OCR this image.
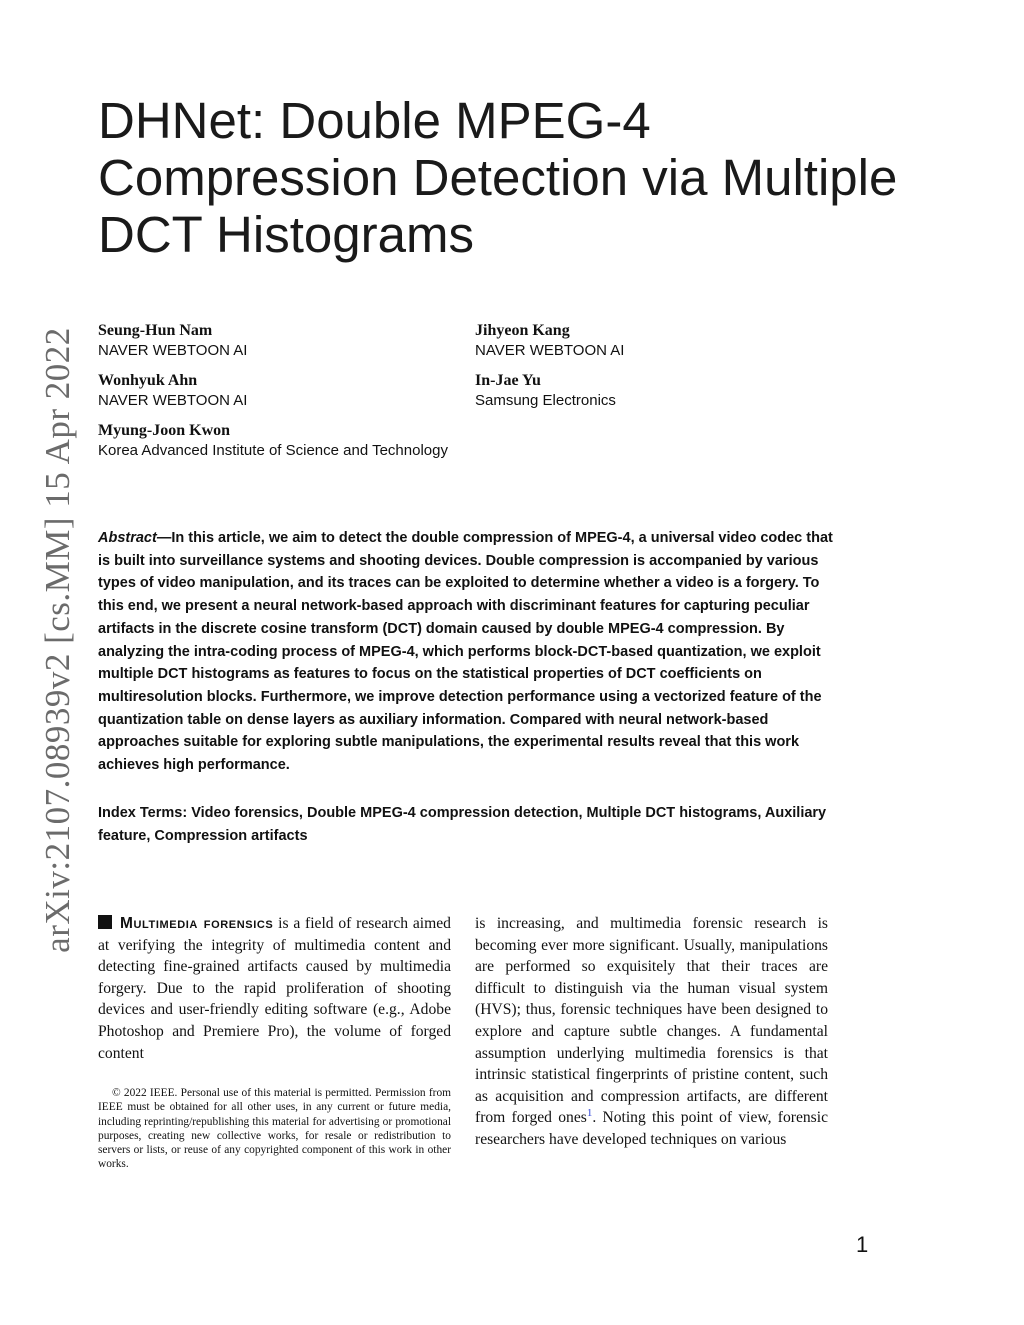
arXiv:2107.08939v2 [cs.MM] 15 Apr 2022
DHNet: Double MPEG-4 Compression Detection via Multiple DCT Histograms
Seung-Hun Nam
NAVER WEBTOON AI
Jihyeon Kang
NAVER WEBTOON AI
Wonhyuk Ahn
NAVER WEBTOON AI
In-Jae Yu
Samsung Electronics
Myung-Joon Kwon
Korea Advanced Institute of Science and Technology

Abstract—In this article, we aim to detect the double compression of MPEG-4, a universal video codec that is built into surveillance systems and shooting devices. Double compression is accompanied by various types of video manipulation, and its traces can be exploited to determine whether a video is a forgery. To this end, we present a neural network-based approach with discriminant features for capturing peculiar artifacts in the discrete cosine transform (DCT) domain caused by double MPEG-4 compression. By analyzing the intra-coding process of MPEG-4, which performs block-DCT-based quantization, we exploit multiple DCT histograms as features to focus on the statistical properties of DCT coefficients on multiresolution blocks. Furthermore, we improve detection performance using a vectorized feature of the quantization table on dense layers as auxiliary information. Compared with neural network-based approaches suitable for exploring subtle manipulations, the experimental results reveal that this work achieves high performance.

Index Terms: Video forensics, Double MPEG-4 compression detection, Multiple DCT histograms, Auxiliary feature, Compression artifacts

Multimedia forensics is a field of research aimed at verifying the integrity of multimedia content and detecting fine-grained artifacts caused by multimedia forgery. Due to the rapid proliferation of shooting devices and user-friendly editing software (e.g., Adobe Photoshop and Premiere Pro), the volume of forged content

is increasing, and multimedia forensic research is becoming ever more significant. Usually, manipulations are performed so exquisitely that their traces are difficult to distinguish via the human visual system (HVS); thus, forensic techniques have been designed to explore and capture subtle changes. A fundamental assumption underlying multimedia forensics is that intrinsic statistical fingerprints of pristine content, such as acquisition and compression artifacts, are different from forged ones$^1$. Noting this point of view, forensic researchers have developed techniques on various

© 2022 IEEE. Personal use of this material is permitted. Permission from IEEE must be obtained for all other uses, in any current or future media, including reprinting/republishing this material for advertising or promotional purposes, creating new collective works, for resale or redistribution to servers or lists, or reuse of any copyrighted component of this work in other works.

1
